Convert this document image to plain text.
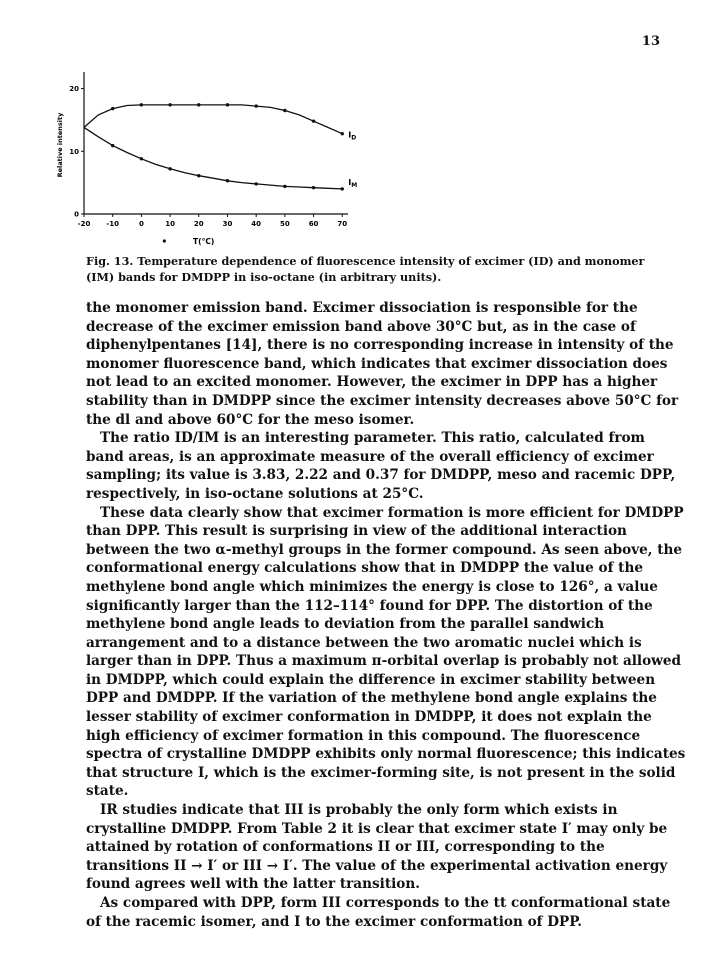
13
-20 -10	0	10	20	30	40	50	60	70
0
10
20
T(°C)
Relative intensity	$I_D$
$I_M$
Fig. 13. Temperature dependence of fluorescence intensity of excimer (ID) and monomer (IM) bands for DMDPP in iso-octane (in arbitrary units).

the monomer emission band. Excimer dissociation is responsible for the decrease of the excimer emission band above 30°C but, as in the case of diphenylpentanes [14], there is no corresponding increase in intensity of the monomer fluorescence band, which indicates that excimer dissociation does not lead to an excited monomer. However, the excimer in DPP has a higher stability than in DMDPP since the excimer intensity decreases above 50°C for the dl and above 60°C for the meso isomer.

The ratio ID/IM is an interesting parameter. This ratio, calculated from band areas, is an approximate measure of the overall efficiency of excimer sampling; its value is 3.83, 2.22 and 0.37 for DMDPP, meso and racemic DPP, respectively, in iso-octane solutions at 25°C.

These data clearly show that excimer formation is more efficient for DMDPP than DPP. This result is surprising in view of the additional interaction between the two α-methyl groups in the former compound. As seen above, the conformational energy calculations show that in DMDPP the value of the methylene bond angle which minimizes the energy is close to 126°, a value significantly larger than the 112–114° found for DPP. The distortion of the methylene bond angle leads to deviation from the parallel sandwich arrangement and to a distance between the two aromatic nuclei which is larger than in DPP. Thus a maximum π-orbital overlap is probably not allowed in DMDPP, which could explain the difference in excimer stability between DPP and DMDPP. If the variation of the methylene bond angle explains the lesser stability of excimer conformation in DMDPP, it does not explain the high efficiency of excimer formation in this compound. The fluorescence spectra of crystalline DMDPP exhibits only normal fluorescence; this indicates that structure I, which is the excimer-forming site, is not present in the solid state.

IR studies indicate that III is probably the only form which exists in crystalline DMDPP. From Table 2 it is clear that excimer state I′ may only be attained by rotation of conformations II or III, corresponding to the transitions II → I′ or III → I′. The value of the experimental activation energy found agrees well with the latter transition.

As compared with DPP, form III corresponds to the tt conformational state of the racemic isomer, and I to the excimer conformation of DPP.
